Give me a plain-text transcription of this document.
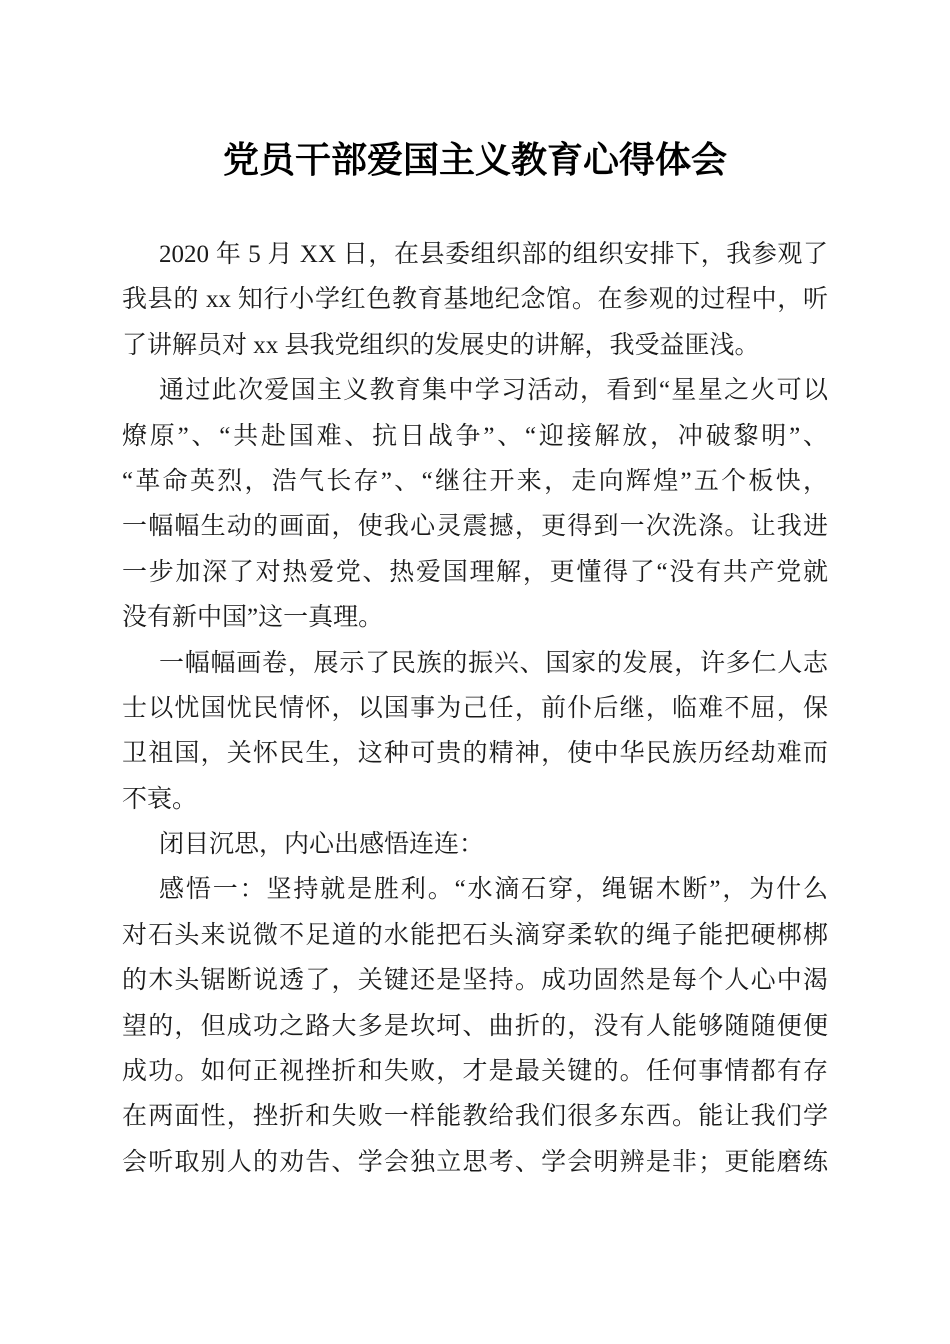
党员干部爱国主义教育心得体会
2020 年 5 月 XX 日，在县委组织部的组织安排下，我参观了
我县的 xx 知行小学红色教育基地纪念馆。在参观的过程中，听
了讲解员对 xx 县我党组织的发展史的讲解，我受益匪浅。
通过此次爱国主义教育集中学习活动，看到“星星之火可以
燎原”、“共赴国难、抗日战争”、“迎接解放，冲破黎明”、
“革命英烈，浩气长存”、“继往开来，走向辉煌”五个板快，
一幅幅生动的画面，使我心灵震撼，更得到一次洗涤。让我进
一步加深了对热爱党、热爱国理解，更懂得了“没有共产党就
没有新中国”这一真理。
一幅幅画卷，展示了民族的振兴、国家的发展，许多仁人志
士以忧国忧民情怀，以国事为己任，前仆后继，临难不屈，保
卫祖国，关怀民生，这种可贵的精神，使中华民族历经劫难而
不衰。
闭目沉思，内心出感悟连连：
感悟一：坚持就是胜利。“水滴石穿，绳锯木断”，为什么
对石头来说微不足道的水能把石头滴穿柔软的绳子能把硬梆梆
的木头锯断说透了，关键还是坚持。成功固然是每个人心中渴
望的，但成功之路大多是坎坷、曲折的，没有人能够随随便便
成功。如何正视挫折和失败，才是最关键的。任何事情都有存
在两面性，挫折和失败一样能教给我们很多东西。能让我们学
会听取别人的劝告、学会独立思考、学会明辨是非；更能磨练
